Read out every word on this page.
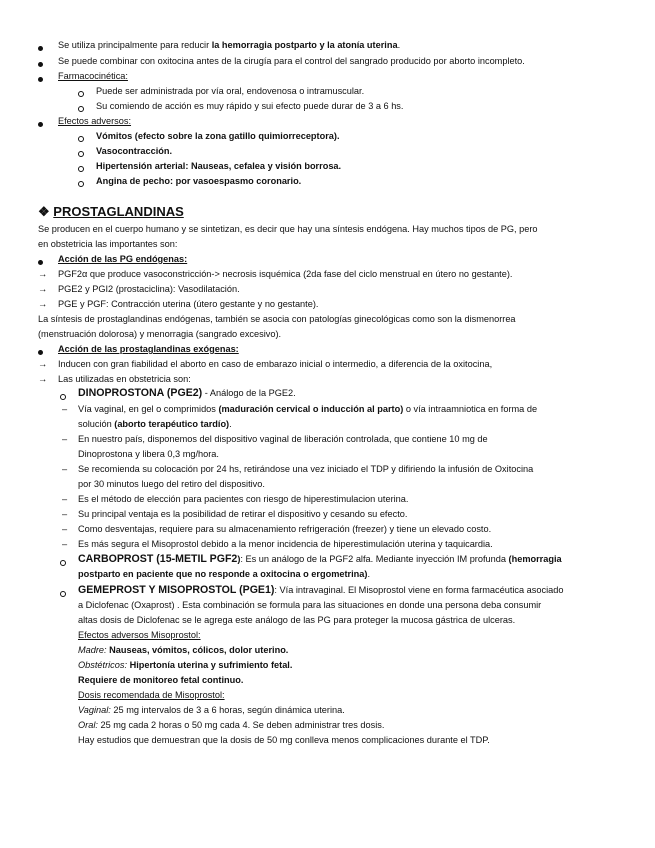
Se utiliza principalmente para reducir la hemorragia postparto y la atonía uterina.
Se puede combinar con oxitocina antes de la cirugía para el control del sangrado producido por aborto incompleto.
Farmacocinética:
Puede ser administrada por vía oral, endovenosa o intramuscular.
Su comiendo de acción es muy rápido y sui efecto puede durar de 3 a 6 hs.
Efectos adversos:
Vómitos (efecto sobre la zona gatillo quimiorreceptora).
Vasocontracción.
Hipertensión arterial: Nauseas, cefalea y visión borrosa.
Angina de pecho: por vasoespasmo coronario.
❖ PROSTAGLANDINAS
Se producen en el cuerpo humano y se sintetizan, es decir que hay una síntesis endógena. Hay muchos tipos de PG, pero
en obstetricia las importantes son:
Acción de las PG endógenas:
→ PGF2α que produce vasoconstricción-> necrosis isquémica (2da fase del ciclo menstrual en útero no gestante).
→ PGE2 y PGI2 (prostaciclina): Vasodilatación.
→ PGE y PGF: Contracción uterina (útero gestante y no gestante).
La síntesis de prostaglandinas endógenas, también se asocia con patologías ginecológicas como son la dismenorrea
(menstruación dolorosa) y menorragia (sangrado excesivo).
Acción de las prostaglandinas exógenas:
→ Inducen con gran fiabilidad el aborto en caso de embarazo inicial o intermedio, a diferencia de la oxitocina,
→ Las utilizadas en obstetricia son:
DINOPROSTONA (PGE2) - Análogo de la PGE2.
– Vía vaginal, en gel o comprimidos (maduración cervical o inducción al parto) o vía intraamniotica en forma de
solución (aborto terapéutico tardío).
– En nuestro país, disponemos del dispositivo vaginal de liberación controlada, que contiene 10 mg de
Dinoprostona y libera 0,3 mg/hora.
– Se recomienda su colocación por 24 hs, retirándose una vez iniciado el TDP y difiriendo la infusión de Oxitocina
por 30 minutos luego del retiro del dispositivo.
– Es el método de elección para pacientes con riesgo de hiperestimulacion uterina.
– Su principal ventaja es la posibilidad de retirar el dispositivo y cesando su efecto.
– Como desventajas, requiere para su almacenamiento refrigeración (freezer) y tiene un elevado costo.
– Es más segura el Misoprostol debido a la menor incidencia de hiperestimulación uterina y taquicardia.
CARBOPROST (15-METIL PGF2): Es un análogo de la PGF2 alfa. Mediante inyección IM profunda (hemorragia
postparto en paciente que no responde a oxitocina o ergometrina).
GEMEPROST Y MISOPROSTOL (PGE1): Vía intravaginal. El Misoprostol viene en forma farmacéutica asociado
a Diclofenac (Oxaprost) . Esta combinación se formula para las situaciones en donde una persona deba consumir
altas dosis de Diclofenac se le agrega este análogo de las PG para proteger la mucosa gástrica de ulceras.
Efectos adversos Misoprostol:
Madre: Nauseas, vómitos, cólicos, dolor uterino.
Obstétricos: Hipertonía uterina y sufrimiento fetal.
Requiere de monitoreo fetal continuo.
Dosis recomendada de Misoprostol:
Vaginal: 25 mg intervalos de 3 a 6 horas, según dinámica uterina.
Oral: 25 mg cada 2 horas o 50 mg cada 4. Se deben administrar tres dosis.
Hay estudios que demuestran que la dosis de 50 mg conlleva menos complicaciones durante el TDP.
